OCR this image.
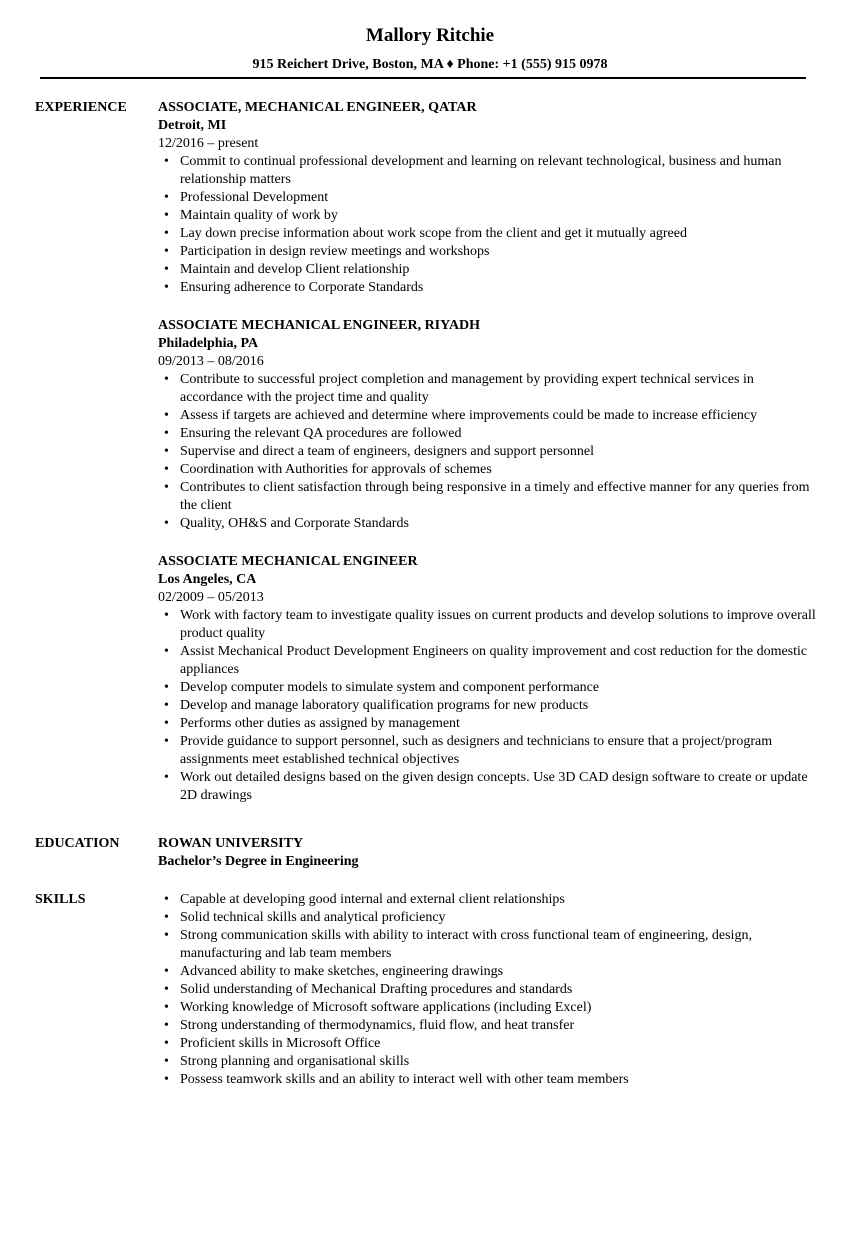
Mallory Ritchie
915 Reichert Drive, Boston, MA ♦ Phone: +1 (555) 915 0978
EXPERIENCE ASSOCIATE, MECHANICAL ENGINEER, QATAR
Detroit, MI
12/2016 – present
• Commit to continual professional development and learning on relevant technological, business and human relationship matters
• Professional Development
• Maintain quality of work by
• Lay down precise information about work scope from the client and get it mutually agreed
• Participation in design review meetings and workshops
• Maintain and develop Client relationship
• Ensuring adherence to Corporate Standards
ASSOCIATE MECHANICAL ENGINEER, RIYADH
Philadelphia, PA
09/2013 – 08/2016
• Contribute to successful project completion and management by providing expert technical services in accordance with the project time and quality
• Assess if targets are achieved and determine where improvements could be made to increase efficiency
• Ensuring the relevant QA procedures are followed
• Supervise and direct a team of engineers, designers and support personnel
• Coordination with Authorities for approvals of schemes
• Contributes to client satisfaction through being responsive in a timely and effective manner for any queries from the client
• Quality, OH&S and Corporate Standards
ASSOCIATE MECHANICAL ENGINEER
Los Angeles, CA
02/2009 – 05/2013
• Work with factory team to investigate quality issues on current products and develop solutions to improve overall product quality
• Assist Mechanical Product Development Engineers on quality improvement and cost reduction for the domestic appliances
• Develop computer models to simulate system and component performance
• Develop and manage laboratory qualification programs for new products
• Performs other duties as assigned by management
• Provide guidance to support personnel, such as designers and technicians to ensure that a project/program assignments meet established technical objectives
• Work out detailed designs based on the given design concepts. Use 3D CAD design software to create or update 2D drawings
EDUCATION	ROWAN UNIVERSITY
Bachelor’s Degree in Engineering
SKILLS
•	Capable at developing good internal and external client relationships
• Solid technical skills and analytical proficiency
• Strong communication skills with ability to interact with cross functional team of engineering, design, manufacturing and lab team members
• Advanced ability to make sketches, engineering drawings
• Solid understanding of Mechanical Drafting procedures and standards
• Working knowledge of Microsoft software applications (including Excel)
• Strong understanding of thermodynamics, fluid flow, and heat transfer
• Proficient skills in Microsoft Office
• Strong planning and organisational skills
• Possess teamwork skills and an ability to interact well with other team members
